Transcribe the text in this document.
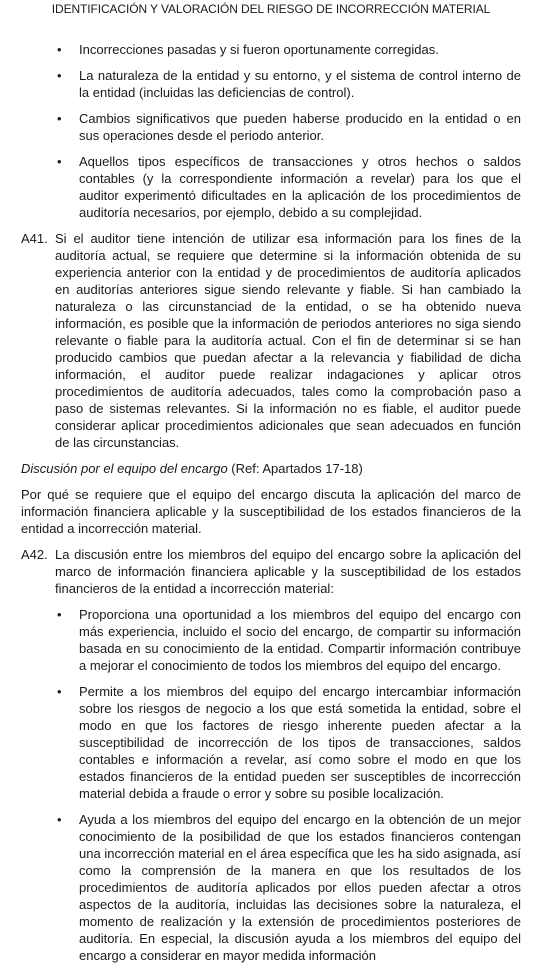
IDENTIFICACIÓN Y VALORACIÓN DEL RIESGO DE INCORRECCIÓN MATERIAL
• Incorrecciones pasadas y si fueron oportunamente corregidas.
• La naturaleza de la entidad y su entorno, y el sistema de control interno de la entidad (incluidas las deficiencias de control).
• Cambios significativos que pueden haberse producido en la entidad o en sus operaciones desde el periodo anterior.
• Aquellos tipos específicos de transacciones y otros hechos o saldos contables (y la correspondiente información a revelar) para los que el auditor experimentó dificultades en la aplicación de los procedimientos de auditoría necesarios, por ejemplo, debido a su complejidad.
A41. Si el auditor tiene intención de utilizar esa información para los fines de la auditoría actual, se requiere que determine si la información obtenida de su experiencia anterior con la entidad y de procedimientos de auditoría aplicados en auditorías anteriores sigue siendo relevante y fiable. Si han cambiado la naturaleza o las circunstanciad de la entidad, o se ha obtenido nueva información, es posible que la información de periodos anteriores no siga siendo relevante o fiable para la auditoría actual. Con el fin de determinar si se han producido cambios que puedan afectar a la relevancia y fiabilidad de dicha información, el auditor puede realizar indagaciones y aplicar otros procedimientos de auditoría adecuados, tales como la comprobación paso a paso de sistemas relevantes. Si la información no es fiable, el auditor puede considerar aplicar procedimientos adicionales que sean adecuados en función de las circunstancias.

Discusión por el equipo del encargo (Ref: Apartados 17-18)

Por qué se requiere que el equipo del encargo discuta la aplicación del marco de información financiera aplicable y la susceptibilidad de los estados financieros de la entidad a incorrección material.

A42. La discusión entre los miembros del equipo del encargo sobre la aplicación del marco de información financiera aplicable y la susceptibilidad de los estados financieros de la entidad a incorrección material:
• Proporciona una oportunidad a los miembros del equipo del encargo con más experiencia, incluido el socio del encargo, de compartir su información basada en su conocimiento de la entidad. Compartir información contribuye a mejorar el conocimiento de todos los miembros del equipo del encargo.
• Permite a los miembros del equipo del encargo intercambiar información sobre los riesgos de negocio a los que está sometida la entidad, sobre el modo en que los factores de riesgo inherente pueden afectar a la susceptibilidad de incorrección de los tipos de transacciones, saldos contables e información a revelar, así como sobre el modo en que los estados financieros de la entidad pueden ser susceptibles de incorrección material debida a fraude o error y sobre su posible localización.
• Ayuda a los miembros del equipo del encargo en la obtención de un mejor conocimiento de la posibilidad de que los estados financieros contengan una incorrección material en el área específica que les ha sido asignada, así como la comprensión de la manera en que los resultados de los procedimientos de auditoría aplicados por ellos pueden afectar a otros aspectos de la auditoría, incluidas las decisiones sobre la naturaleza, el momento de realización y la extensión de procedimientos posteriores de auditoría. En especial, la discusión ayuda a los miembros del equipo del encargo a considerar en mayor medida información
